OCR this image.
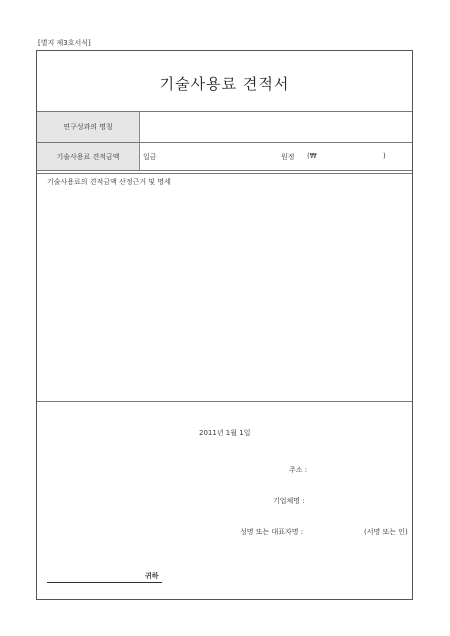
[별지 제3호서식]
기술사용료 견적서
연구성과의 명칭
기술사용료 견적금액	일금	원정 (₩	)
기술사용료의 견적금액 산정근거 및 명세
2011년 1월 1일
주소 :
기업체명 :
성명 또는 대표자명 :	(서명 또는 인)
귀하
